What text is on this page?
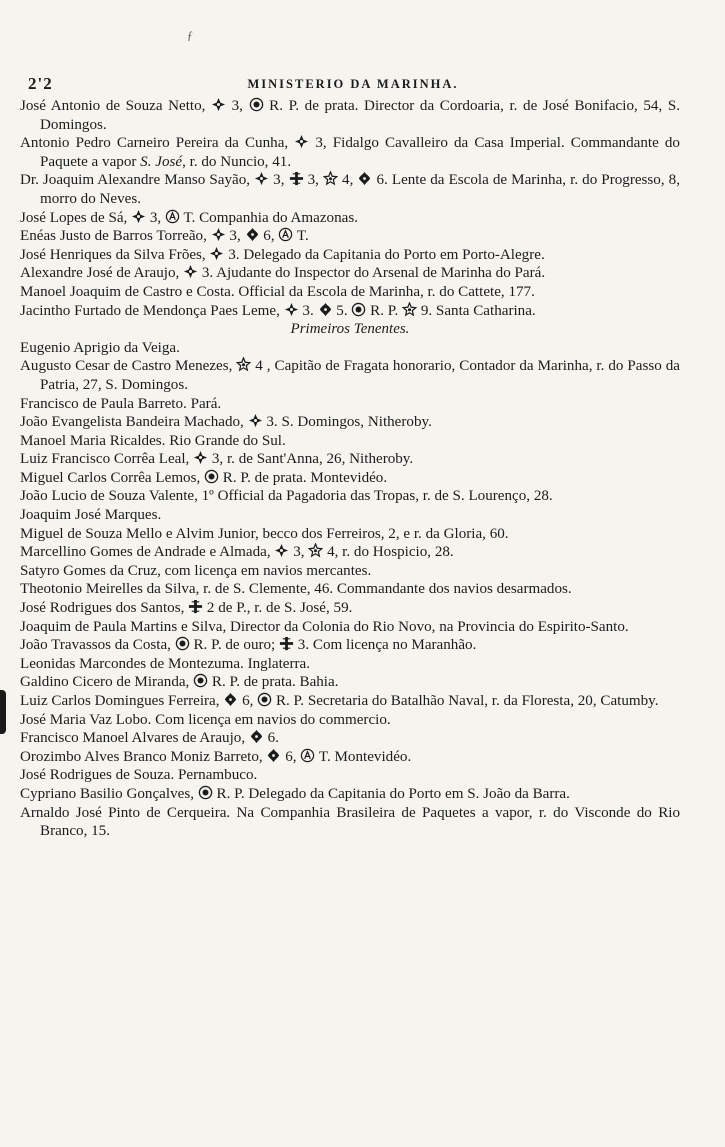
ƒ
2'2	MINISTERIO DA MARINHA.

José Antonio de Souza Netto,
3,
R. P. de prata. Director da Cordoaria, r. de José Bonifacio, 54, S. Domingos.

Antonio Pedro Carneiro Pereira da Cunha,
3, Fidalgo Cavalleiro da Casa Imperial. Commandante do Paquete a vapor S. José, r. do Nuncio, 41.

Dr. Joaquim Alexandre Manso Sayão,
3,
3,
4,
6. Lente da Escola de Marinha, r. do Progresso, 8, morro do Neves.

José Lopes de Sá,
3,
T. Companhia do Amazonas.

Enéas Justo de Barros Torreão,
3,
6,
T.

José Henriques da Silva Frões,
3. Delegado da Capitania do Porto em Porto-Alegre.

Alexandre José de Araujo,
3. Ajudante do Inspector do Arsenal de Marinha do Pará.

Manoel Joaquim de Castro e Costa. Official da Escola de Marinha, r. do Cattete, 177.

Jacintho Furtado de Mendonça Paes Leme,
3.
5.
R. P.
9. Santa Catharina.

Primeiros Tenentes.

Eugenio Aprigio da Veiga.

Augusto Cesar de Castro Menezes,
4 , Capitão de Fragata honorario, Contador da Marinha, r. do Passo da Patria, 27, S. Domingos.

Francisco de Paula Barreto. Pará.

João Evangelista Bandeira Machado,
3. S. Domingos, Nitheroby.

Manoel Maria Ricaldes. Rio Grande do Sul.

Luiz Francisco Corrêa Leal,
3, r. de Sant'Anna, 26, Nitheroby.

Miguel Carlos Corrêa Lemos,
R. P. de prata. Montevidéo.

João Lucio de Souza Valente, 1º Official da Pagadoria das Tropas, r. de S. Lourenço, 28.

Joaquim José Marques.

Miguel de Souza Mello e Alvim Junior, becco dos Ferreiros, 2, e r. da Gloria, 60.

Marcellino Gomes de Andrade e Almada,
3,
4, r. do Hospicio, 28.

Satyro Gomes da Cruz, com licença em navios mercantes.

Theotonio Meirelles da Silva, r. de S. Clemente, 46. Commandante dos navios desarmados.

José Rodrigues dos Santos,
2 de P., r. de S. José, 59.

Joaquim de Paula Martins e Silva, Director da Colonia do Rio Novo, na Provincia do Espirito-Santo.

João Travassos da Costa,
R. P. de ouro;
3. Com licença no Maranhão.

Leonidas Marcondes de Montezuma. Inglaterra.

Galdino Cicero de Miranda,
R. P. de prata. Bahia.

Luiz Carlos Domingues Ferreira,
6,
R. P. Secretaria do Batalhão Naval, r. da Floresta, 20, Catumby.

José Maria Vaz Lobo. Com licença em navios do commercio.

Francisco Manoel Alvares de Araujo,
6.

Orozimbo Alves Branco Moniz Barreto,
6,
T. Montevidéo.

José Rodrigues de Souza. Pernambuco.

Cypriano Basilio Gonçalves,
R. P. Delegado da Capitania do Porto em S. João da Barra.

Arnaldo José Pinto de Cerqueira. Na Companhia Brasileira de Paquetes a vapor, r. do Visconde do Rio Branco, 15.
